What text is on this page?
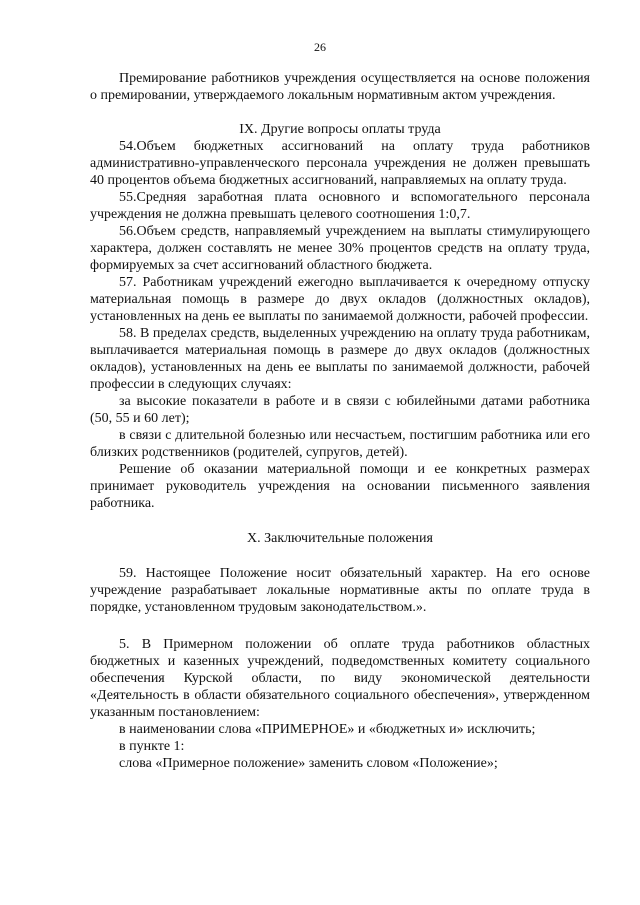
26

Премирование работников учреждения осуществляется на основе положения о премировании, утверждаемого локальным нормативным актом учреждения.

IX. Другие вопросы оплаты труда

54.Объем бюджетных ассигнований на оплату труда работников административно-управленческого персонала учреждения не должен превышать 40 процентов объема бюджетных ассигнований, направляемых на оплату труда.

55.Средняя заработная плата основного и вспомогательного персонала учреждения не должна превышать целевого соотношения 1:0,7.

56.Объем средств, направляемый учреждением на выплаты стимулирующего характера, должен составлять не менее 30% процентов средств на оплату труда, формируемых за счет ассигнований областного бюджета.

57. Работникам учреждений ежегодно выплачивается к очередному отпуску материальная помощь в размере до двух окладов (должностных окладов), установленных на день ее выплаты по занимаемой должности, рабочей профессии.

58. В пределах средств, выделенных учреждению на оплату труда работникам, выплачивается материальная помощь в размере до двух окладов (должностных окладов), установленных на день ее выплаты по занимаемой должности, рабочей профессии в следующих случаях:

за высокие показатели в работе и в связи с юбилейными датами работника (50, 55 и 60 лет);

в связи с длительной болезнью или несчастьем, постигшим работника или его близких родственников (родителей, супругов, детей).

Решение об оказании материальной помощи и ее конкретных размерах принимает руководитель учреждения на основании письменного заявления работника.

X. Заключительные положения

59. Настоящее Положение носит обязательный характер. На его основе учреждение разрабатывает локальные нормативные акты по оплате труда в порядке, установленном трудовым законодательством.».

5. В Примерном положении об оплате труда работников областных бюджетных и казенных учреждений, подведомственных комитету социального обеспечения Курской области, по виду экономической деятельности «Деятельность в области обязательного социального обеспечения», утвержденном указанным постановлением:

в наименовании слова «ПРИМЕРНОЕ» и «бюджетных и» исключить;

в пункте 1:

слова «Примерное положение» заменить словом «Положение»;
